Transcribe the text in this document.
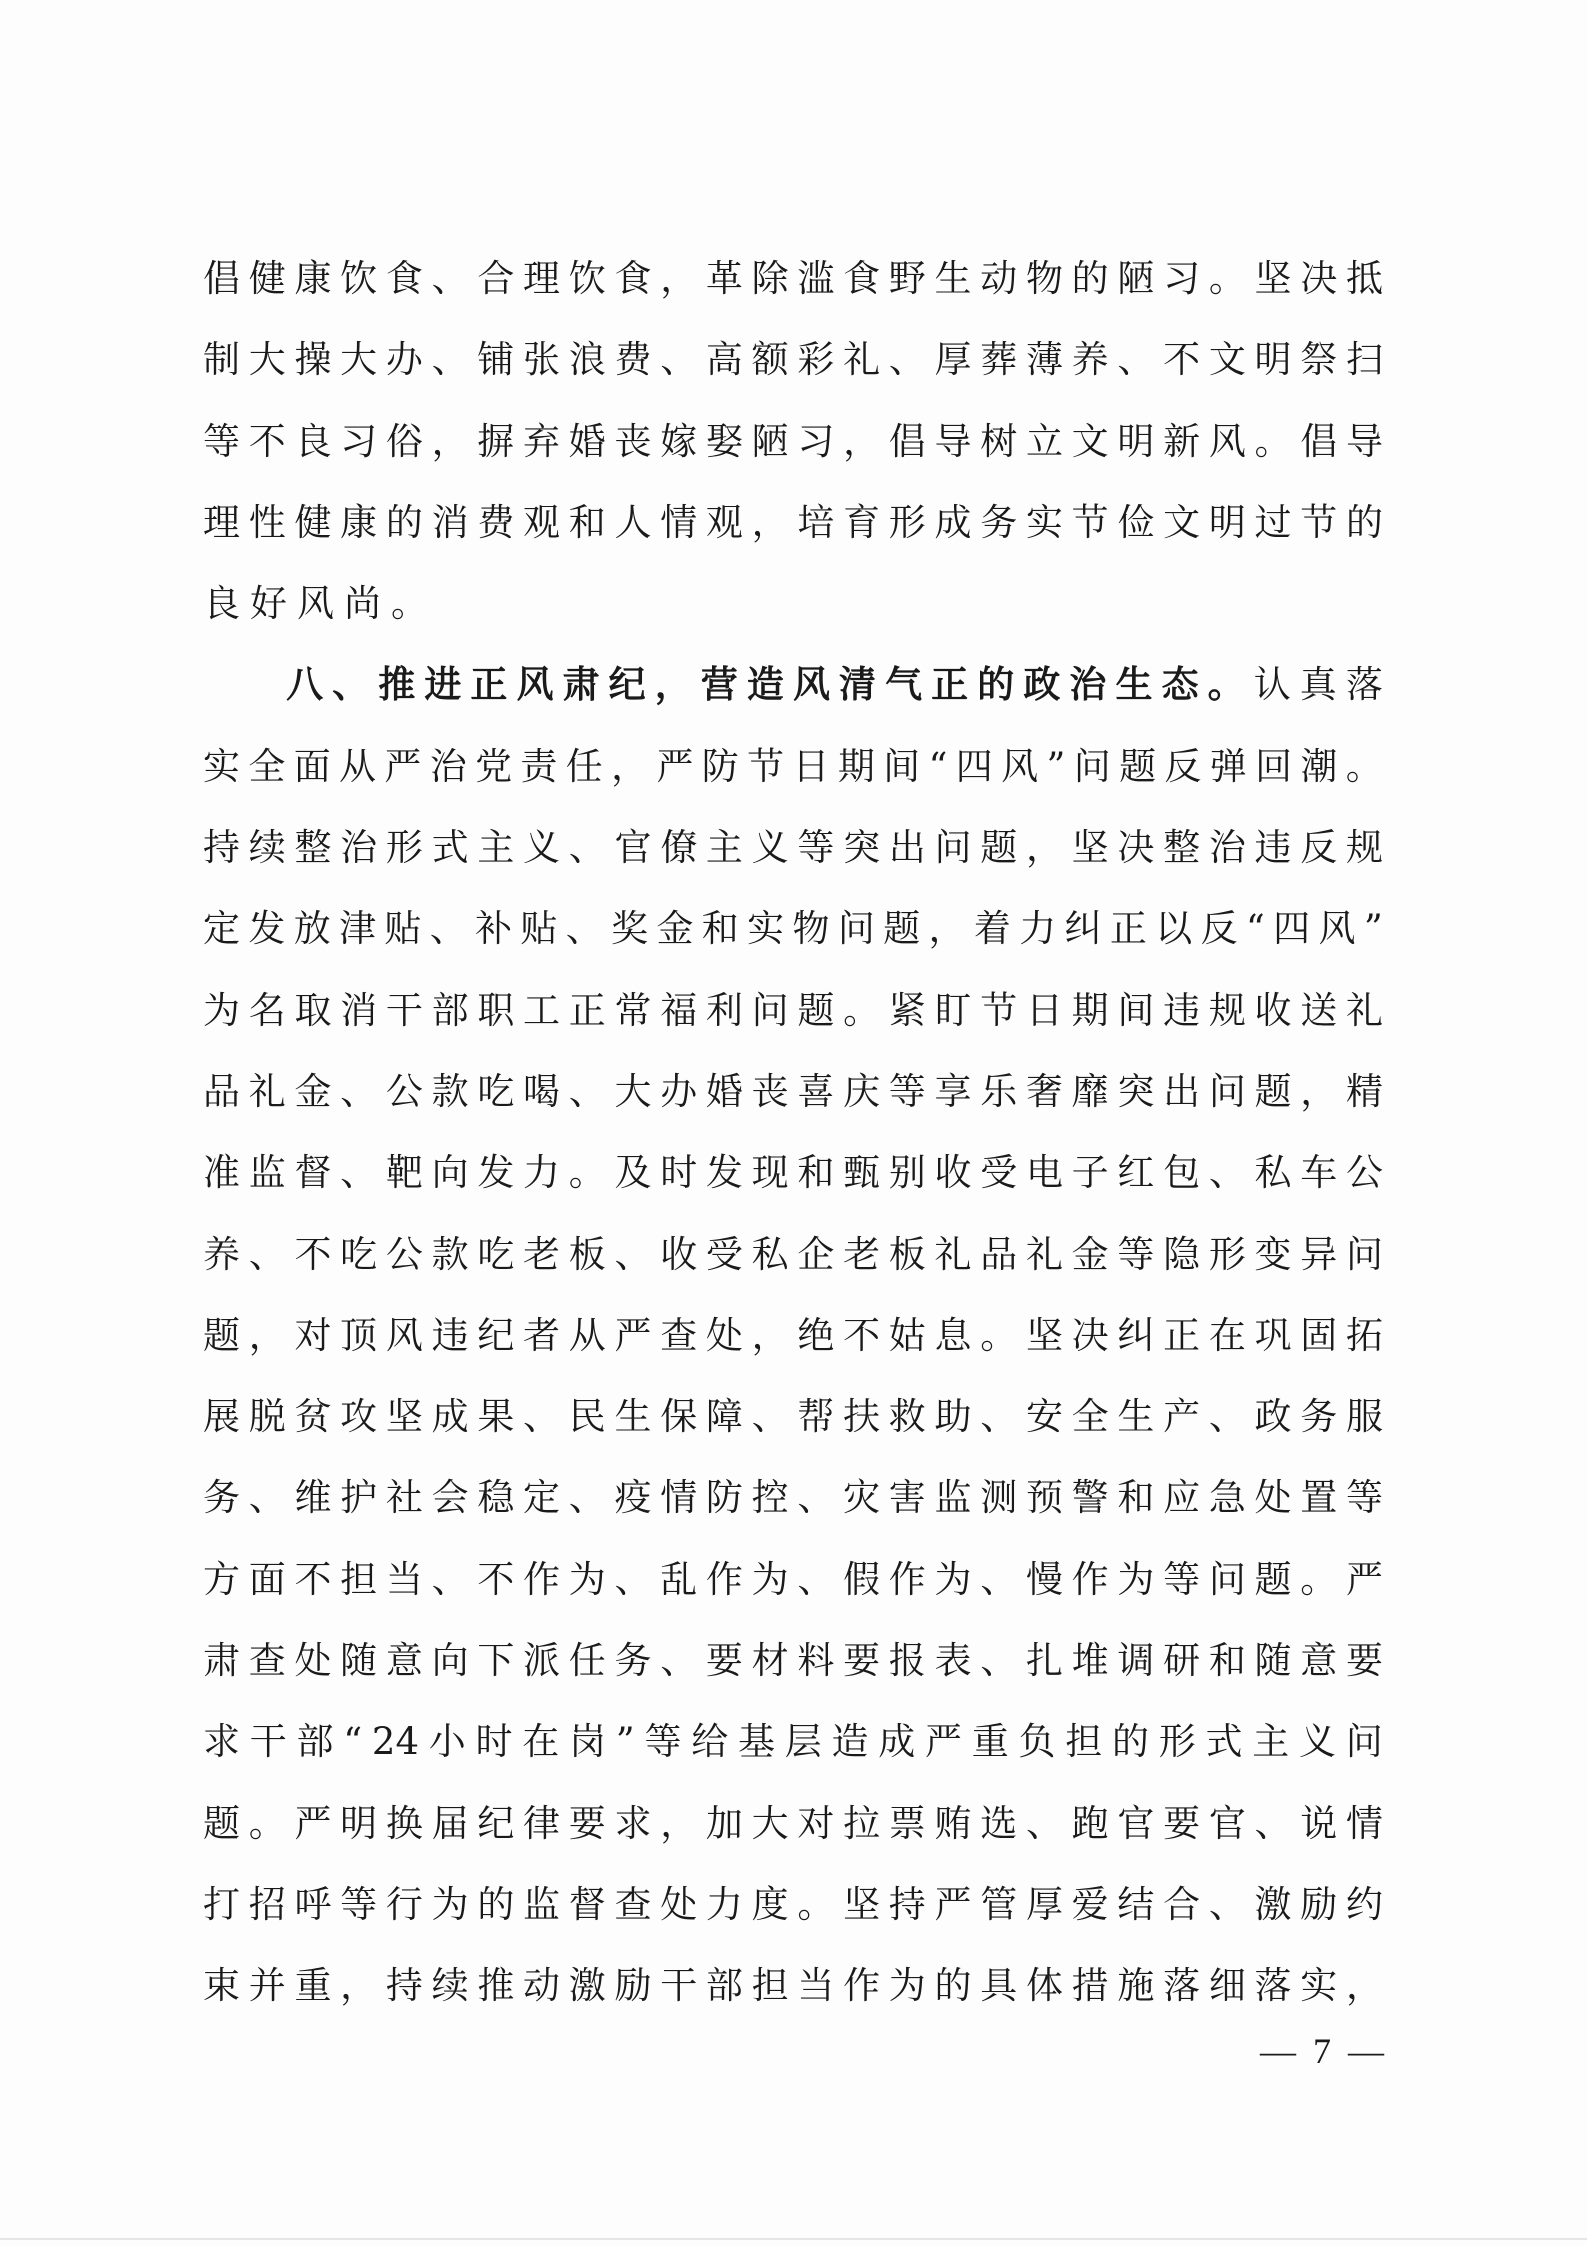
倡 健 康 饮 食 、 合 理 饮 食 ， 革 除 滥 食 野 生 动 物 的 陋 习 。 坚 决 抵
制 大 操 大 办 、 铺 张 浪 费 、 高 额 彩 礼 、 厚 葬 薄 养 、 不 文 明 祭 扫
等 不 良 习 俗 ， 摒 弃 婚 丧 嫁 娶 陋 习 ， 倡 导 树 立 文 明 新 风 。 倡 导
理 性 健 康 的 消 费 观 和 人 情 观 ， 培 育 形 成 务 实 节 俭 文 明 过 节 的
良 好 风 尚 。
八 、 推 进 正 风 肃 纪 ， 营 造 风 清 气 正 的 政 治 生 态 。 认 真 落
实 全 面 从 严 治 党 责 任 ， 严 防 节 日 期 间 “ 四 风 ” 问 题 反 弹 回 潮 。
持 续 整 治 形 式 主 义 、 官 僚 主 义 等 突 出 问 题 ， 坚 决 整 治 违 反 规
定 发 放 津 贴 、 补 贴 、 奖 金 和 实 物 问 题 ， 着 力 纠 正 以 反 “ 四 风 ”
为 名 取 消 干 部 职 工 正 常 福 利 问 题 。 紧 盯 节 日 期 间 违 规 收 送 礼
品 礼 金 、 公 款 吃 喝 、 大 办 婚 丧 喜 庆 等 享 乐 奢 靡 突 出 问 题 ， 精
准 监 督 、 靶 向 发 力 。 及 时 发 现 和 甄 别 收 受 电 子 红 包 、 私 车 公
养 、 不 吃 公 款 吃 老 板 、 收 受 私 企 老 板 礼 品 礼 金 等 隐 形 变 异 问
题 ， 对 顶 风 违 纪 者 从 严 查 处 ， 绝 不 姑 息 。 坚 决 纠 正 在 巩 固 拓
展 脱 贫 攻 坚 成 果 、 民 生 保 障 、 帮 扶 救 助 、 安 全 生 产 、 政 务 服
务 、 维 护 社 会 稳 定 、 疫 情 防 控 、 灾 害 监 测 预 警 和 应 急 处 置 等
方 面 不 担 当 、 不 作 为 、 乱 作 为 、 假 作 为 、 慢 作 为 等 问 题 。 严
肃 查 处 随 意 向 下 派 任 务 、 要 材 料 要 报 表 、 扎 堆 调 研 和 随 意 要
求 干 部 “ 24 小 时 在 岗 ” 等 给 基 层 造 成 严 重 负 担 的 形 式 主 义 问
题 。 严 明 换 届 纪 律 要 求 ， 加 大 对 拉 票 贿 选 、 跑 官 要 官 、 说 情
打 招 呼 等 行 为 的 监 督 查 处 力 度 。 坚 持 严 管 厚 爱 结 合 、 激 励 约
束 并 重 ， 持 续 推 动 激 励 干 部 担 当 作 为 的 具 体 措 施 落 细 落 实 ，
— 7 —
